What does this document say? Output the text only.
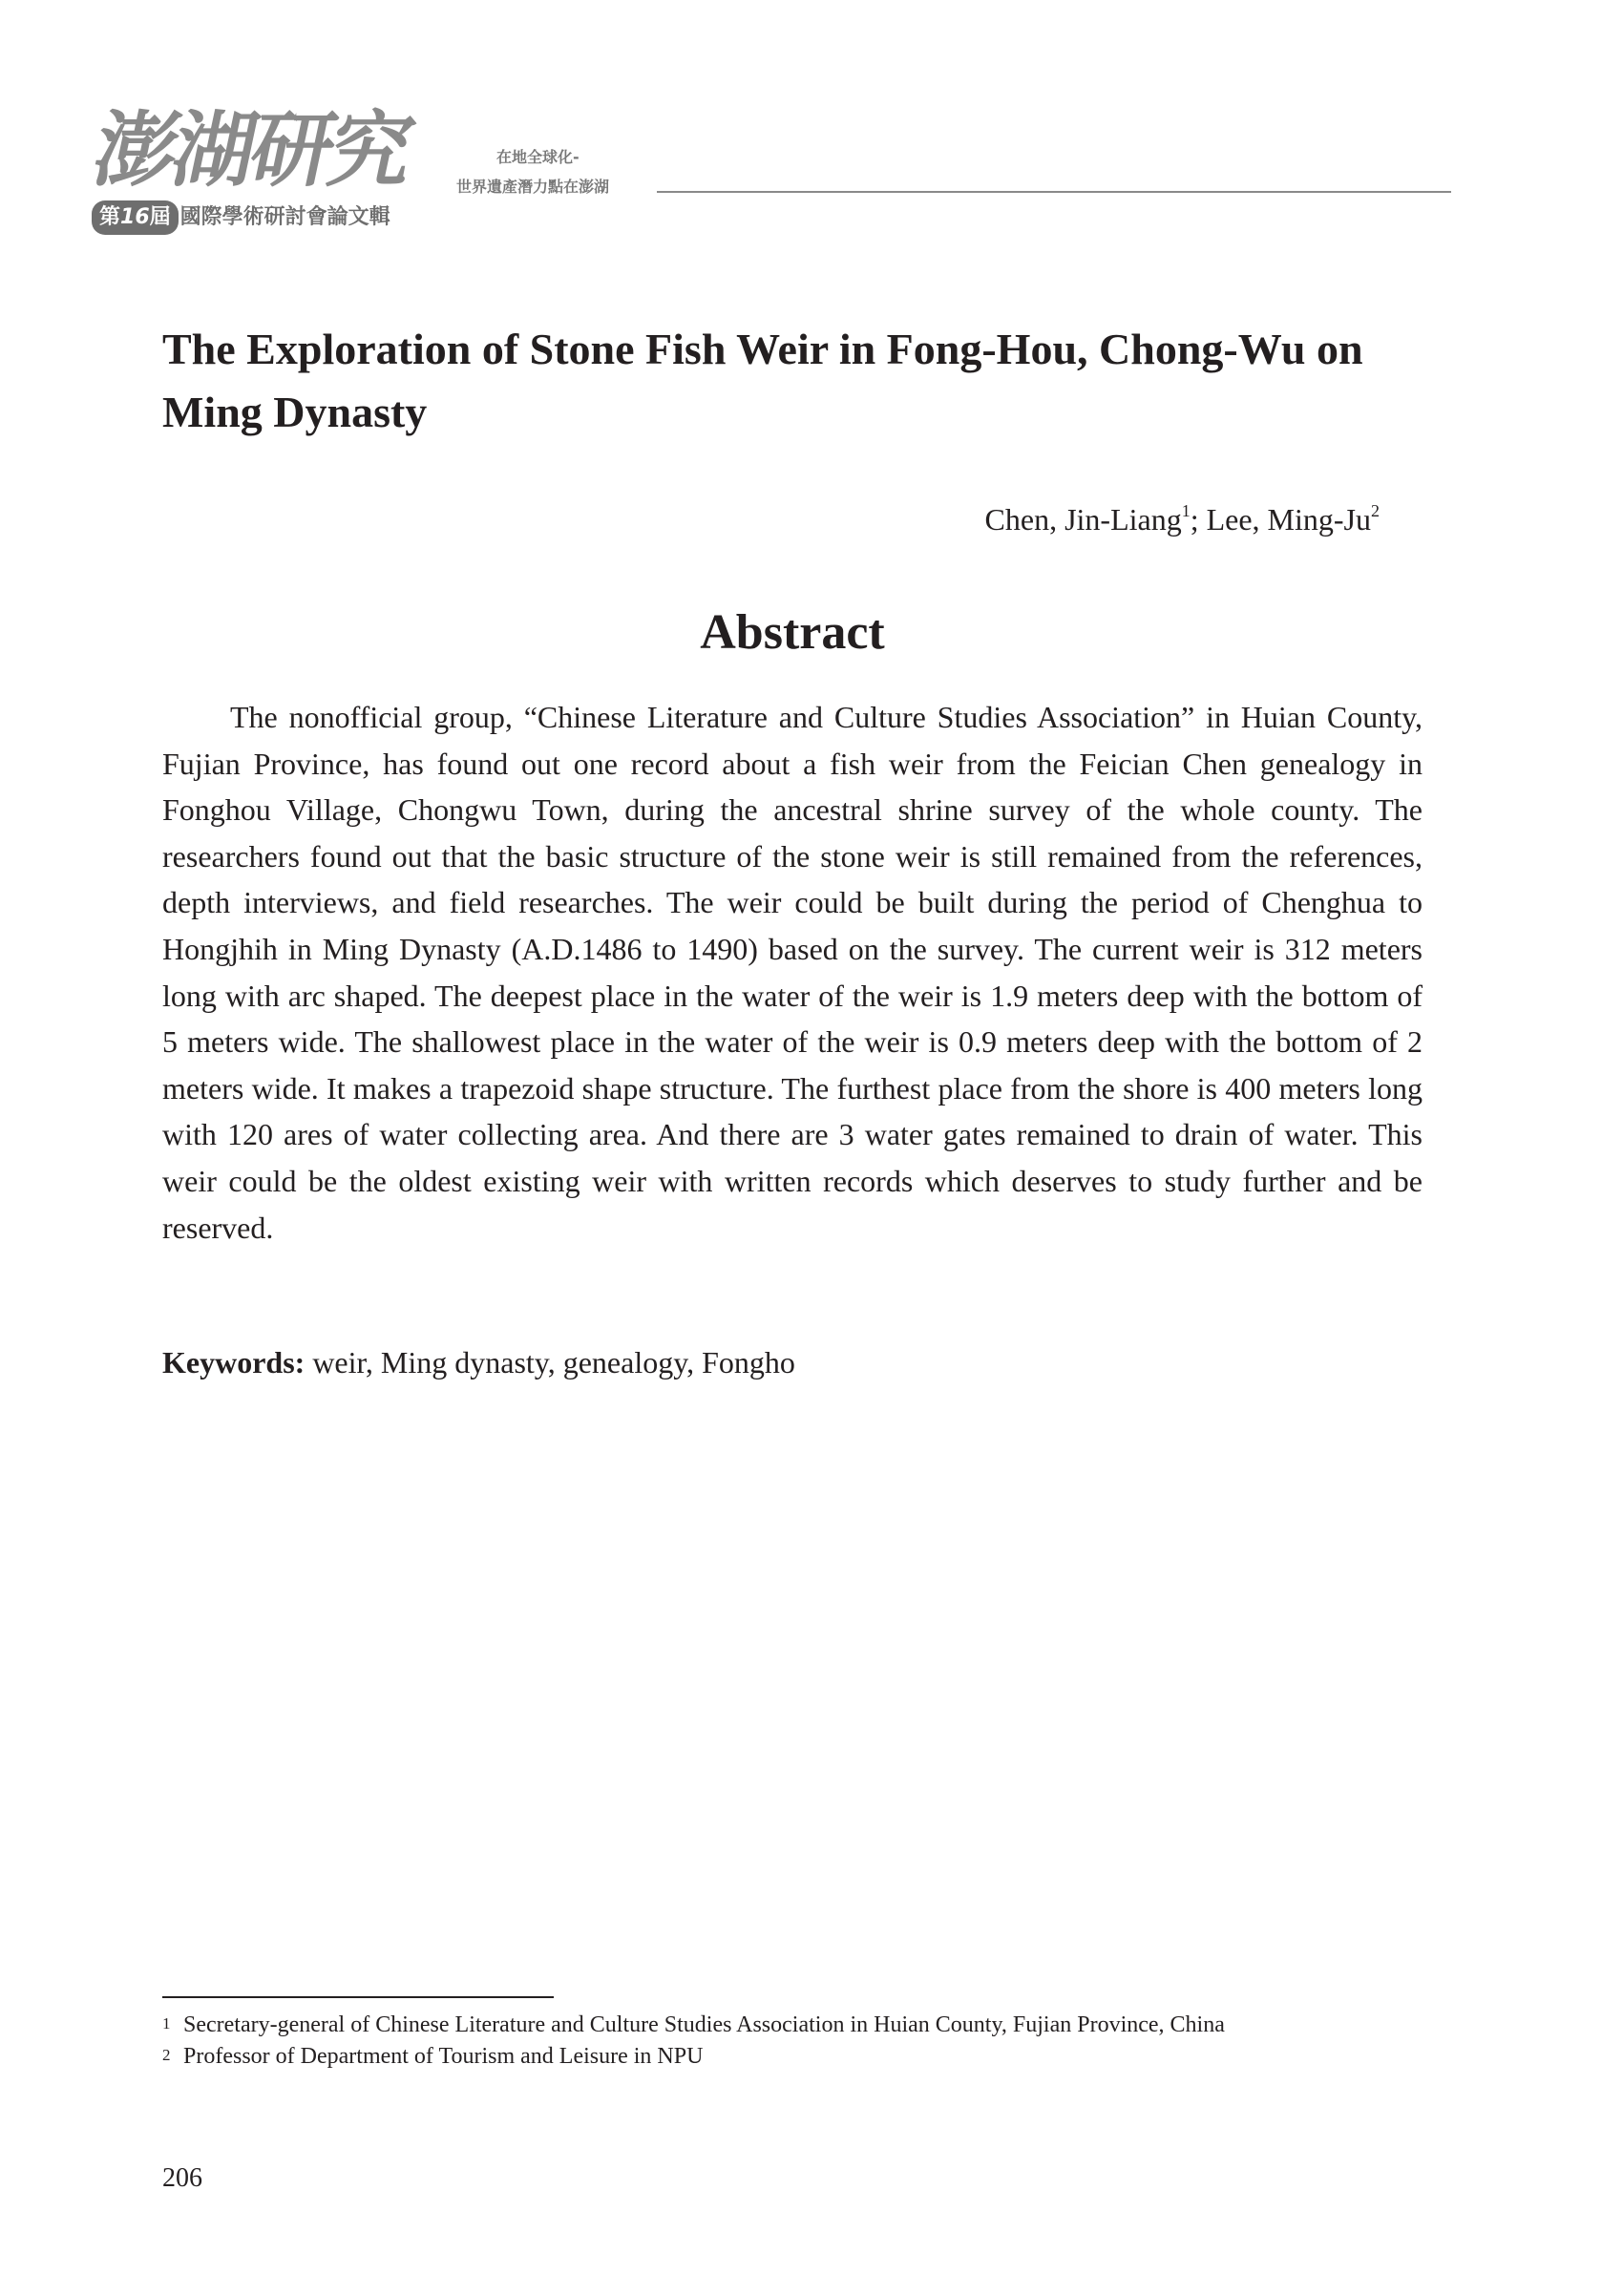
澎湖研究
第16屆 國際學術研討會論文輯
在地全球化-
世界遺產潛力點在澎湖
The Exploration of Stone Fish Weir in Fong-Hou, Chong-Wu on Ming Dynasty
Chen, Jin-Liang$^1$; Lee, Ming-Ju$^2$
Abstract

The nonofficial group, “Chinese Literature and Culture Studies Association” in Huian County, Fujian Province, has found out one record about a fish weir from the Feician Chen genealogy in Fonghou Village, Chongwu Town, during the ancestral shrine survey of the whole county. The researchers found out that the basic structure of the stone weir is still remained from the references, depth interviews, and field researches. The weir could be built during the period of Chenghua to Hongjhih in Ming Dynasty (A.D.1486 to 1490) based on the survey. The current weir is 312 meters long with arc shaped. The deepest place in the water of the weir is 1.9 meters deep with the bottom of 5 meters wide. The shallowest place in the water of the weir is 0.9 meters deep with the bottom of 2 meters wide. It makes a trapezoid shape structure. The furthest place from the shore is 400 meters long with 120 ares of water collecting area. And there are 3 water gates remained to drain of water. This weir could be the oldest existing weir with written records which deserves to study further and be reserved.

Keywords: weir, Ming dynasty, genealogy, Fongho
1 Secretary-general of Chinese Literature and Culture Studies Association in Huian County, Fujian Province, China
2 Professor of Department of Tourism and Leisure in NPU
206
